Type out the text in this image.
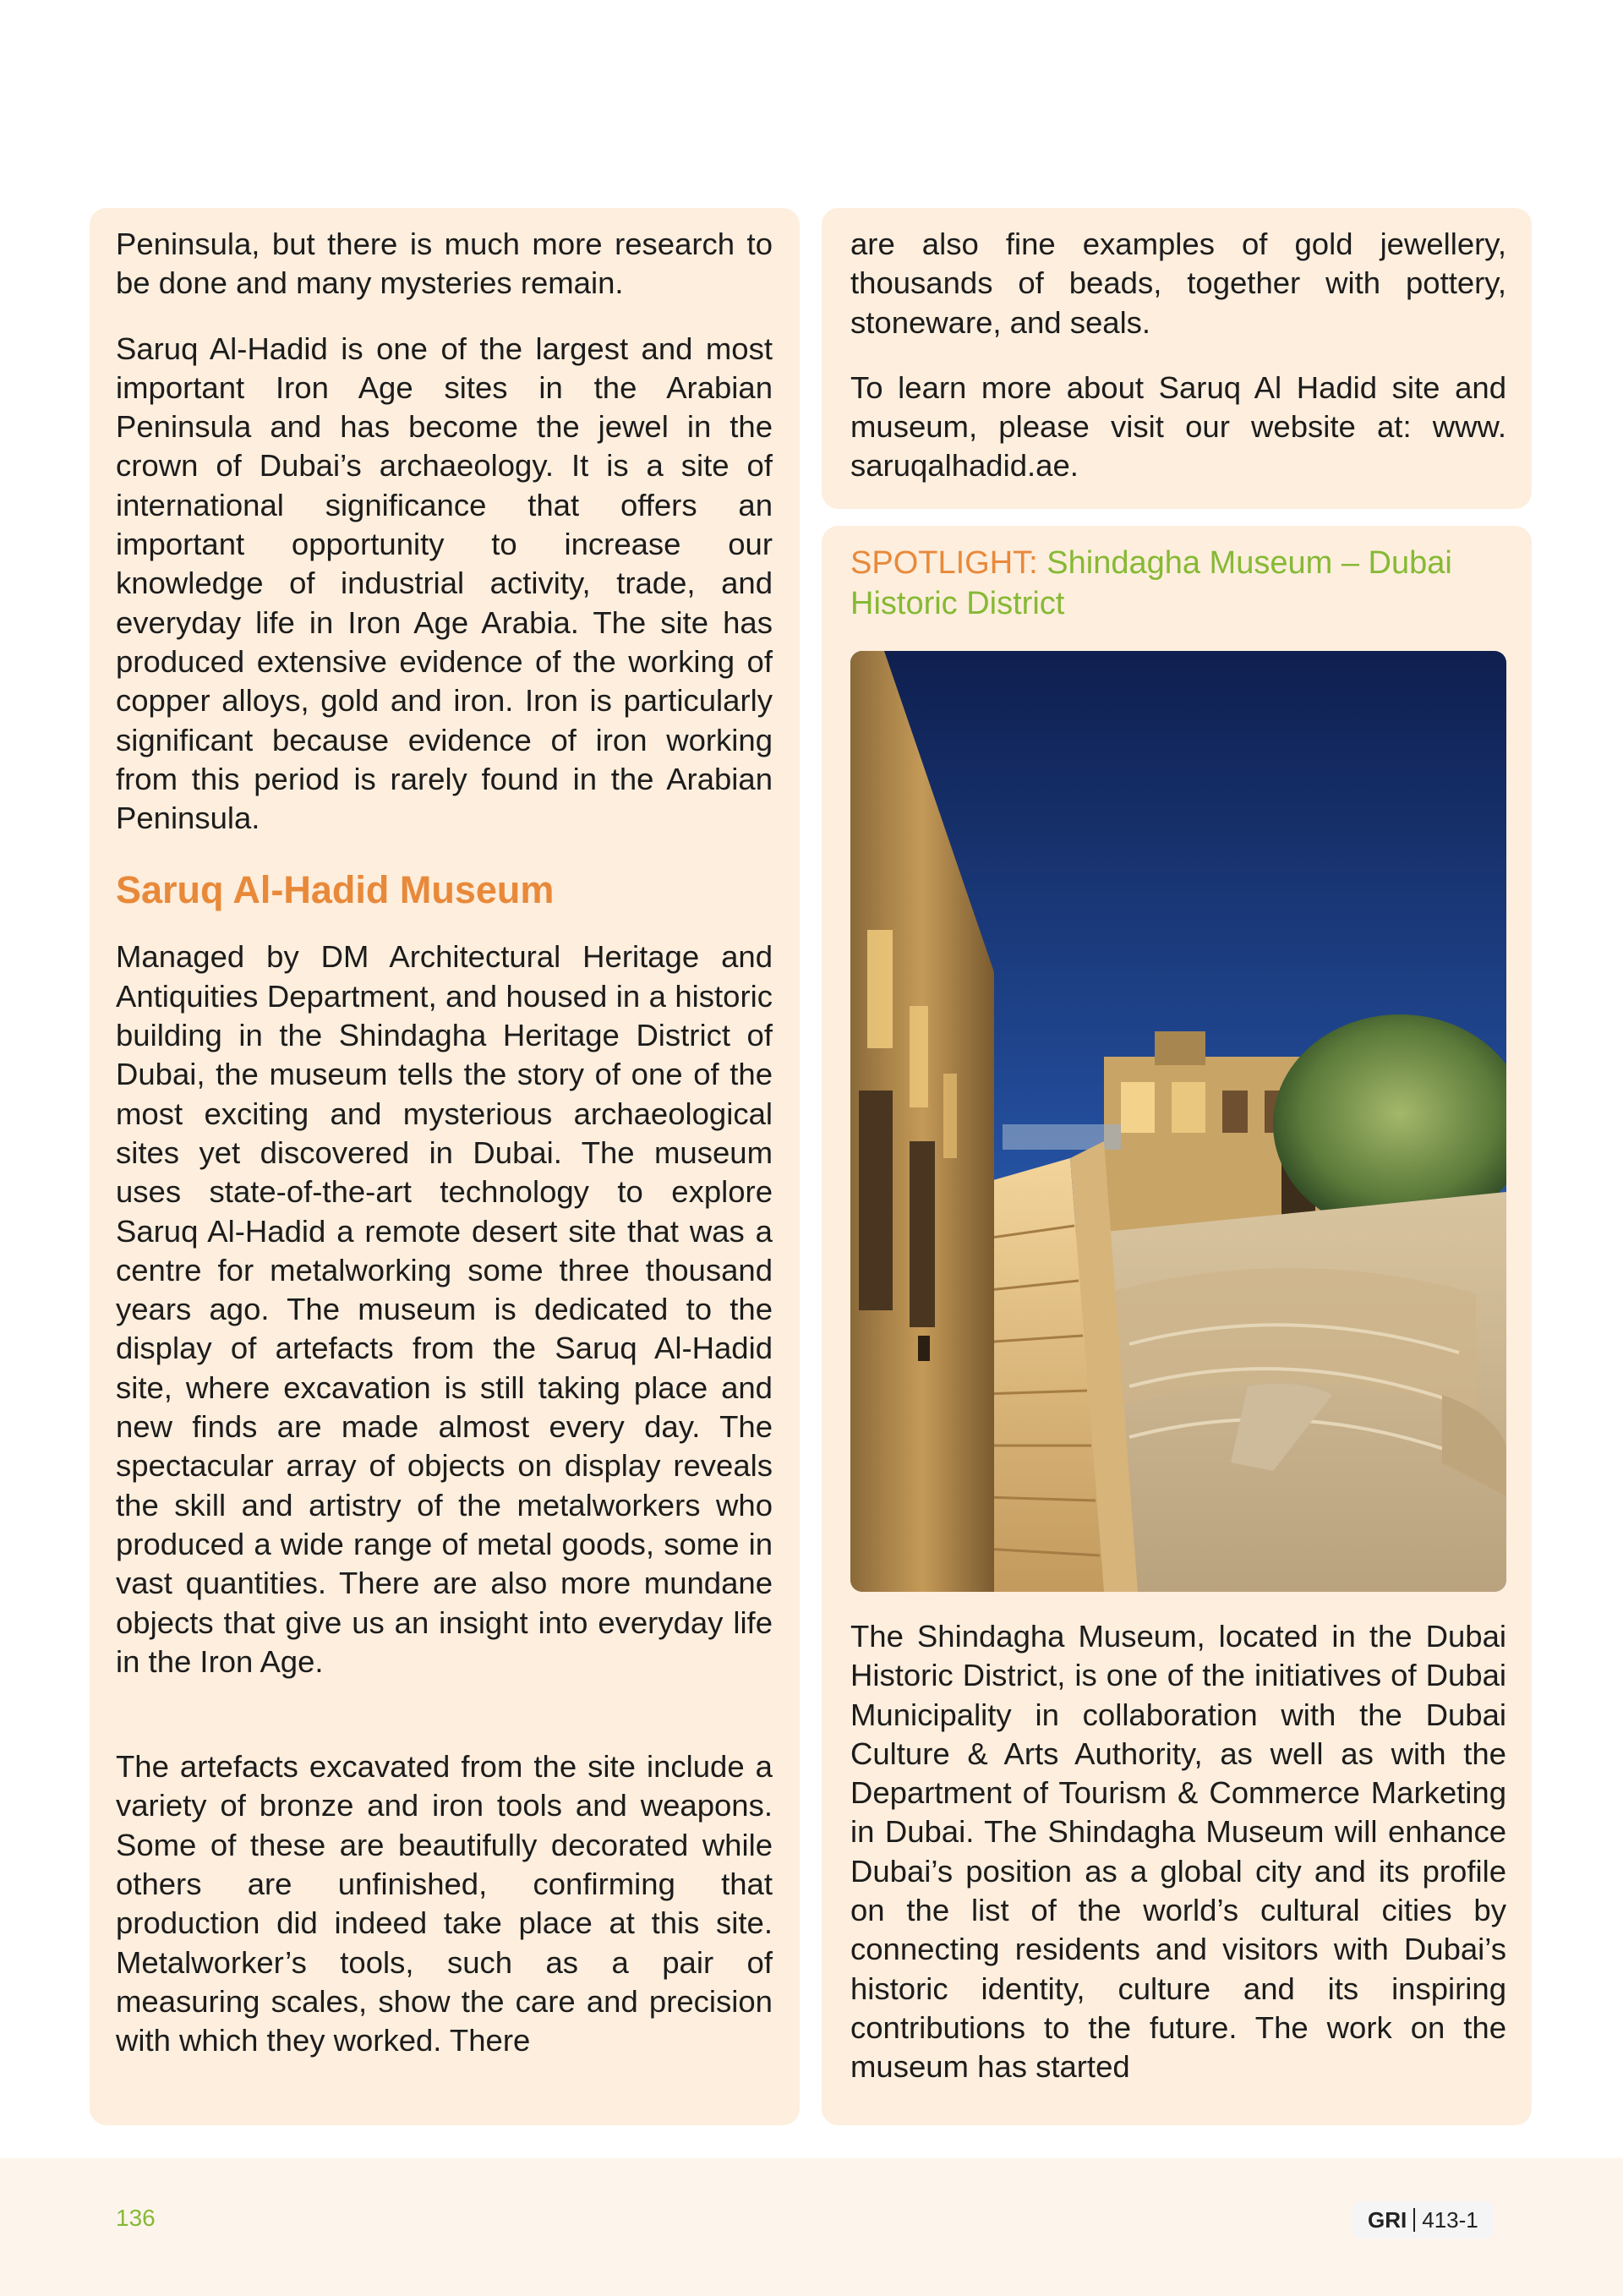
Peninsula, but there is much more research to be done and many mysteries remain.

Saruq Al-Hadid is one of the largest and most important Iron Age sites in the Arabian Peninsula and has become the jewel in the crown of Dubai’s archaeology. It is a site of international significance that offers an important opportunity to increase our knowledge of industrial activity, trade, and everyday life in Iron Age Arabia. The site has produced extensive evidence of the working of copper alloys, gold and iron. Iron is particularly significant because evidence of iron working from this period is rarely found in the Arabian Peninsula.

Saruq Al-Hadid Museum

Managed by DM Architectural Heritage and Antiquities Department, and housed in a historic building in the Shindagha Heritage District of Dubai, the museum tells the story of one of the most exciting and mysterious archaeological sites yet discovered in Dubai. The museum uses state-of-the-art technology to explore Saruq Al-Hadid a remote desert site that was a centre for metalworking some three thousand years ago. The museum is dedicated to the display of artefacts from the Saruq Al-Hadid site, where excavation is still taking place and new finds are made almost every day. The spectacular array of objects on display reveals the skill and artistry of the metalworkers who produced a wide range of metal goods, some in vast quantities. There are also more mundane objects that give us an insight into everyday life in the Iron Age.

The artefacts excavated from the site include a variety of bronze and iron tools and weapons. Some of these are beautifully decorated while others are unfinished, confirming that production did indeed take place at this site. Metalworker’s tools, such as a pair of measuring scales, show the care and precision with which they worked. There

are also fine examples of gold jewellery, thousands of beads, together with pottery, stoneware, and seals.

To learn more about Saruq Al Hadid site and museum, please visit our website at: www. saruqalhadid.ae.

SPOTLIGHT: Shindagha Museum – Dubai Historic District

The Shindagha Museum, located in the Dubai Historic District, is one of the initiatives of Dubai Municipality in collaboration with the Dubai Culture & Arts Authority, as well as with the Department of Tourism & Commerce Marketing in Dubai. The Shindagha Museum will enhance Dubai’s position as a global city and its profile on the list of the world’s cultural cities by connecting residents and visitors with Dubai’s historic identity, culture and its inspiring contributions to the future. The work on the museum has started

136	GRI 413-1
